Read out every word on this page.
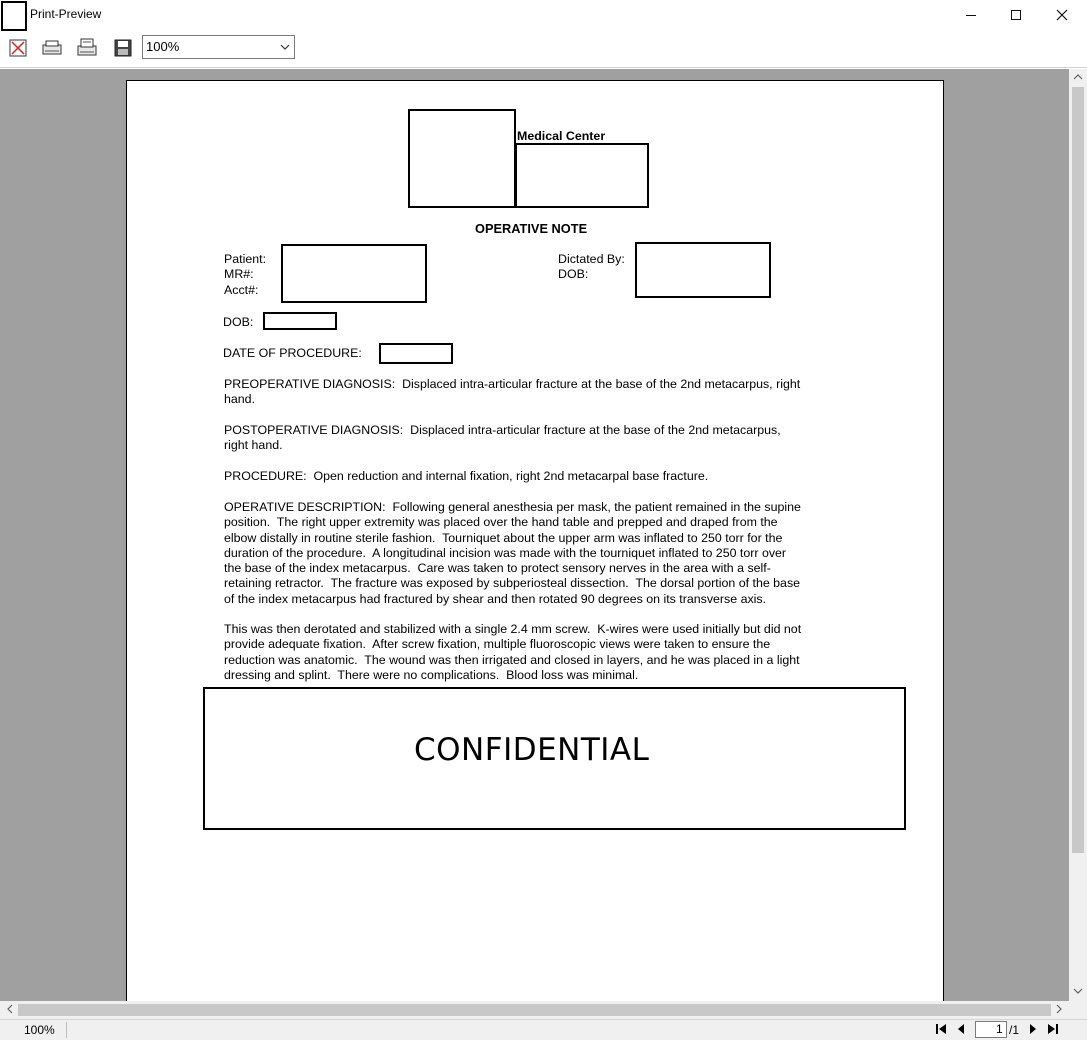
Print-Preview
100%
Medical Center
OPERATIVE NOTE
Patient:
MR#:
Acct#:
Dictated By:
DOB:
DOB:
DATE OF PROCEDURE:
PREOPERATIVE DIAGNOSIS:  Displaced intra-articular fracture at the base of the 2nd metacarpus, right
hand.
POSTOPERATIVE DIAGNOSIS:  Displaced intra-articular fracture at the base of the 2nd metacarpus,
right hand.
PROCEDURE:  Open reduction and internal fixation, right 2nd metacarpal base fracture.
OPERATIVE DESCRIPTION:  Following general anesthesia per mask, the patient remained in the supine
position.  The right upper extremity was placed over the hand table and prepped and draped from the
elbow distally in routine sterile fashion.  Tourniquet about the upper arm was inflated to 250 torr for the
duration of the procedure.  A longitudinal incision was made with the tourniquet inflated to 250 torr over
the base of the index metacarpus.  Care was taken to protect sensory nerves in the area with a self-
retaining retractor.  The fracture was exposed by subperiosteal dissection.  The dorsal portion of the base
of the index metacarpus had fractured by shear and then rotated 90 degrees on its transverse axis.
This was then derotated and stabilized with a single 2.4 mm screw.  K-wires were used initially but did not
provide adequate fixation.  After screw fixation, multiple fluoroscopic views were taken to ensure the
reduction was anatomic.  The wound was then irrigated and closed in layers, and he was placed in a light
dressing and splint.  There were no complications.  Blood loss was minimal.
CONFIDENTIAL
100%	1 /1
